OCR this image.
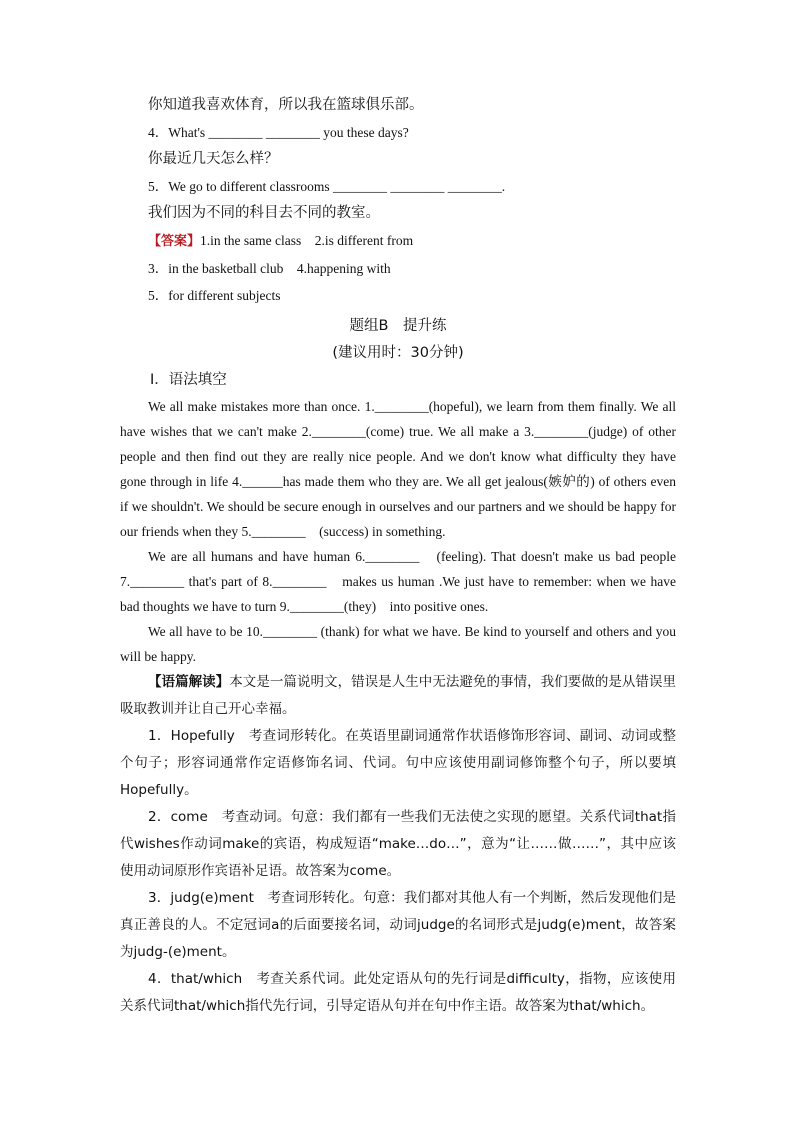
你知道我喜欢体育，所以我在篮球俱乐部。
4．What's ________ ________ you these days?
你最近几天怎么样？
5．We go to different classrooms ________ ________ ________.
我们因为不同的科目去不同的教室。
【答案】1.in the same class　2.is different from
3．in the basketball club　4.happening with
5．for different subjects
题组B　提升练
(建议用时：30分钟)
Ⅰ．语法填空
We all make mistakes more than once. 1.________(hopeful), we learn from them finally. We all have wishes that we can't make 2.________(come) true. We all make a 3.________(judge) of other people and then find out they are really nice people. And we don't know what difficulty they have gone through in life 4.______has made them who they are. We all get jealous(嫉妒的) of others even if we shouldn't. We should be secure enough in ourselves and our partners and we should be happy for our friends when they 5.________　(success) in something.
We are all humans and have human 6.________　(feeling). That doesn't make us bad people 7.________ that's part of 8.________　makes us human .We just have to remember: when we have bad thoughts we have to turn 9.________(they)　into positive ones.
We all have to be 10.________ (thank) for what we have. Be kind to yourself and others and you will be happy.
【语篇解读】本文是一篇说明文，错误是人生中无法避免的事情，我们要做的是从错误里吸取教训并让自己开心幸福。
1．Hopefully　考查词形转化。在英语里副词通常作状语修饰形容词、副词、动词或整个句子；形容词通常作定语修饰名词、代词。句中应该使用副词修饰整个句子，所以要填Hopefully。
2．come　考查动词。句意：我们都有一些我们无法使之实现的愿望。关系代词that指代wishes作动词make的宾语，构成短语“make…do…”，意为“让……做……”，其中应该使用动词原形作宾语补足语。故答案为come。
3．judg(e)ment　考查词形转化。句意：我们都对其他人有一个判断，然后发现他们是真正善良的人。不定冠词a的后面要接名词，动词judge的名词形式是judg(e)ment，故答案为judg-(e)ment。
4．that/which　考查关系代词。此处定语从句的先行词是difficulty，指物，应该使用关系代词that/which指代先行词，引导定语从句并在句中作主语。故答案为that/which。
